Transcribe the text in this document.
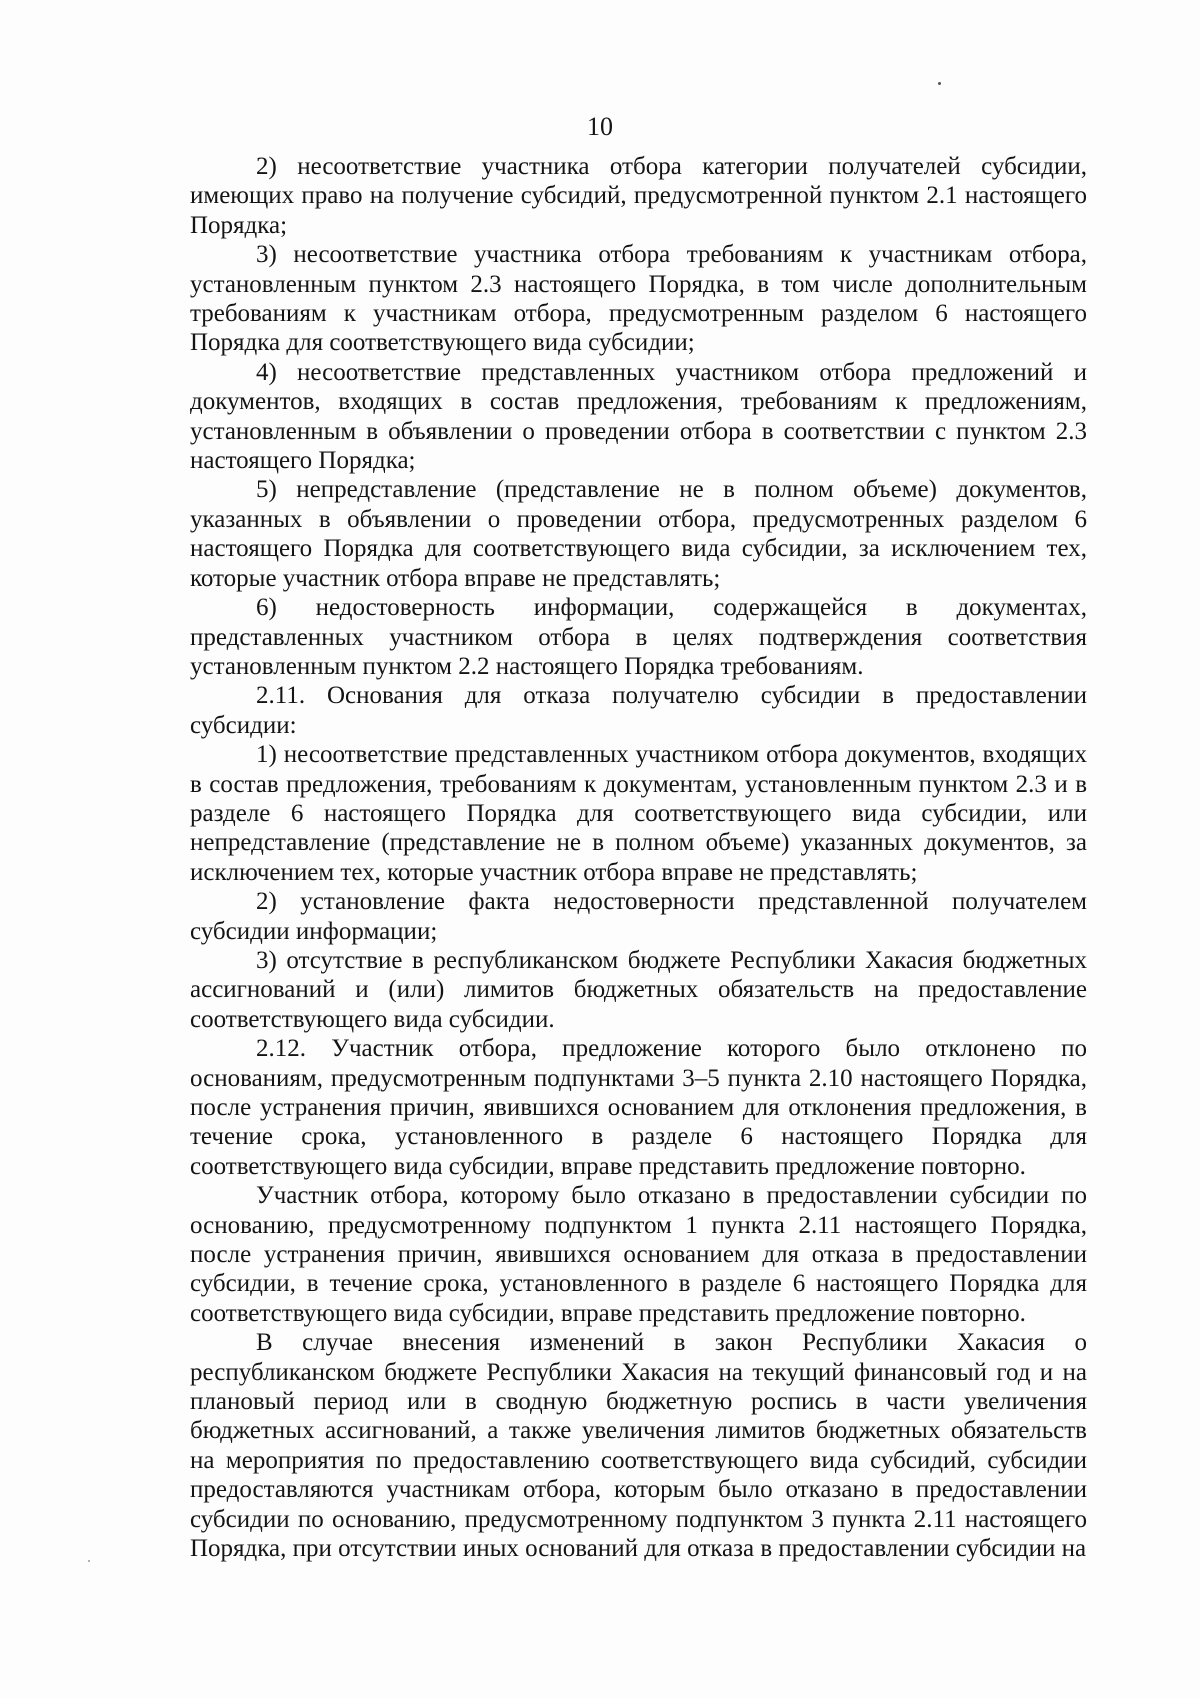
10

2) несоответствие участника отбора категории получателей субсидии, имеющих право на получение субсидий, предусмотренной пунктом 2.1 настоящего Порядка;

3) несоответствие участника отбора требованиям к участникам отбора, установленным пунктом 2.3 настоящего Порядка, в том числе дополнительным требованиям к участникам отбора, предусмотренным разделом 6 настоящего Порядка для соответствующего вида субсидии;

4) несоответствие представленных участником отбора предложений и документов, входящих в состав предложения, требованиям к предложениям, установленным в объявлении о проведении отбора в соответствии с пунктом 2.3 настоящего Порядка;

5) непредставление (представление не в полном объеме) документов, указанных в объявлении о проведении отбора, предусмотренных разделом 6 настоящего Порядка для соответствующего вида субсидии, за исключением тех, которые участник отбора вправе не представлять;

6) недостоверность информации, содержащейся в документах, представленных участником отбора в целях подтверждения соответствия установленным пунктом 2.2 настоящего Порядка требованиям.

2.11. Основания для отказа получателю субсидии в предоставлении субсидии:

1) несоответствие представленных участником отбора документов, входящих в состав предложения, требованиям к документам, установленным пунктом 2.3 и в разделе 6 настоящего Порядка для соответствующего вида субсидии, или непредставление (представление не в полном объеме) указанных документов, за исключением тех, которые участник отбора вправе не представлять;

2) установление факта недостоверности представленной получателем субсидии информации;

3) отсутствие в республиканском бюджете Республики Хакасия бюджетных ассигнований и (или) лимитов бюджетных обязательств на предоставление соответствующего вида субсидии.

2.12. Участник отбора, предложение которого было отклонено по основаниям, предусмотренным подпунктами 3–5 пункта 2.10 настоящего Порядка, после устранения причин, явившихся основанием для отклонения предложения, в течение срока, установленного в разделе 6 настоящего Порядка для соответствующего вида субсидии, вправе представить предложение повторно.

Участник отбора, которому было отказано в предоставлении субсидии по основанию, предусмотренному подпунктом 1 пункта 2.11 настоящего Порядка, после устранения причин, явившихся основанием для отказа в предоставлении субсидии, в течение срока, установленного в разделе 6 настоящего Порядка для соответствующего вида субсидии, вправе представить предложение повторно.

В случае внесения изменений в закон Республики Хакасия о республиканском бюджете Республики Хакасия на текущий финансовый год и на плановый период или в сводную бюджетную роспись в части увеличения бюджетных ассигнований, а также увеличения лимитов бюджетных обязательств на мероприятия по предоставлению соответствующего вида субсидий, субсидии предоставляются участникам отбора, которым было отказано в предоставлении субсидии по основанию, предусмотренному подпунктом 3 пункта 2.11 настоящего Порядка, при отсутствии иных оснований для отказа в предоставлении субсидии на
